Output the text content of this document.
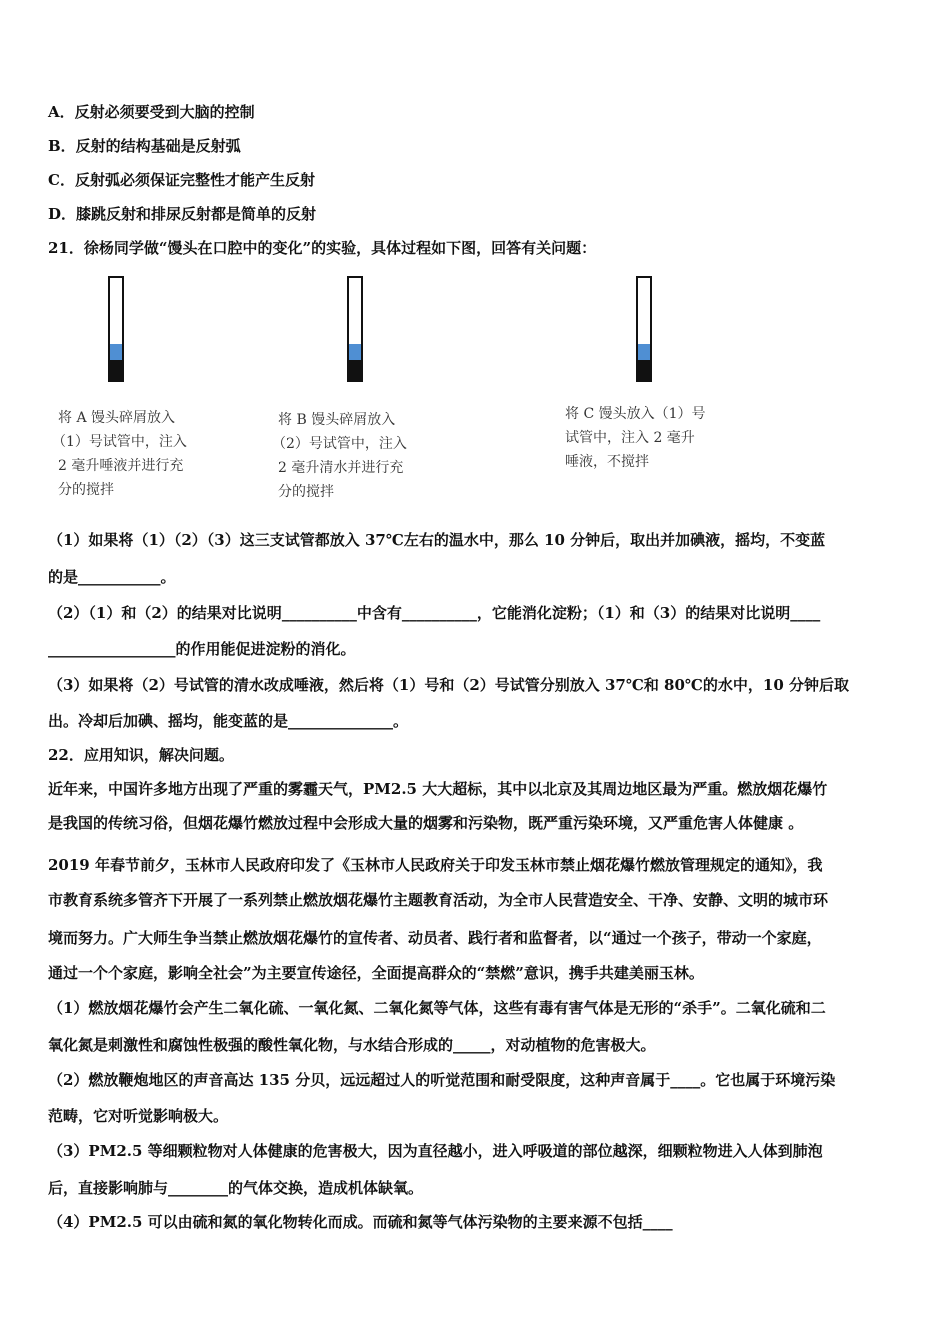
A．反射必须要受到大脑的控制
B．反射的结构基础是反射弧
C．反射弧必须保证完整性才能产生反射
D．膝跳反射和排尿反射都是简单的反射
21．徐杨同学做“馒头在口腔中的变化”的实验，具体过程如下图，回答有关问题：
将 A 馒头碎屑放入
（1）号试管中，注入
2 毫升唾液并进行充
分的搅拌
将 B 馒头碎屑放入
（2）号试管中，注入
2 毫升清水并进行充
分的搅拌
将 C 馒头放入（1）号
试管中，注入 2 毫升
唾液，不搅拌
（1）如果将（1）（2）（3）这三支试管都放入 37℃左右的温水中，那么 10 分钟后，取出并加碘液，摇均，不变蓝
的是___________。
（2）（1）和（2）的结果对比说明__________中含有__________，它能消化淀粉；（1）和（3）的结果对比说明____
_________________的作用能促进淀粉的消化。
（3）如果将（2）号试管的清水改成唾液，然后将（1）号和（2）号试管分别放入 37℃和 80℃的水中，10 分钟后取
出。冷却后加碘、摇均，能变蓝的是______________。
22．应用知识，解决问题。
近年来，中国许多地方出现了严重的雾霾天气，PM2.5 大大超标，其中以北京及其周边地区最为严重。燃放烟花爆竹
是我国的传统习俗，但烟花爆竹燃放过程中会形成大量的烟雾和污染物，既严重污染环境，又严重危害人体健康 。
2019 年春节前夕，玉林市人民政府印发了《玉林市人民政府关于印发玉林市禁止烟花爆竹燃放管理规定的通知》，我
市教育系统多管齐下开展了一系列禁止燃放烟花爆竹主题教育活动，为全市人民营造安全、干净、安静、文明的城市环
境而努力。广大师生争当禁止燃放烟花爆竹的宣传者、动员者、践行者和监督者，以“通过一个孩子，带动一个家庭，
通过一个个家庭，影响全社会”为主要宣传途径，全面提高群众的“禁燃”意识，携手共建美丽玉林。
（1）燃放烟花爆竹会产生二氧化硫、一氧化氮、二氧化氮等气体，这些有毒有害气体是无形的“杀手”。二氧化硫和二
氧化氮是刺激性和腐蚀性极强的酸性氧化物，与水结合形成的_____，对动植物的危害极大。
（2）燃放鞭炮地区的声音高达 135 分贝，远远超过人的听觉范围和耐受限度，这种声音属于____。它也属于环境污染
范畴，它对听觉影响极大。
（3）PM2.5 等细颗粒物对人体健康的危害极大，因为直径越小，进入呼吸道的部位越深，细颗粒物进入人体到肺泡
后，直接影响肺与________的气体交换，造成机体缺氧。
（4）PM2.5 可以由硫和氮的氧化物转化而成。而硫和氮等气体污染物的主要来源不包括____
